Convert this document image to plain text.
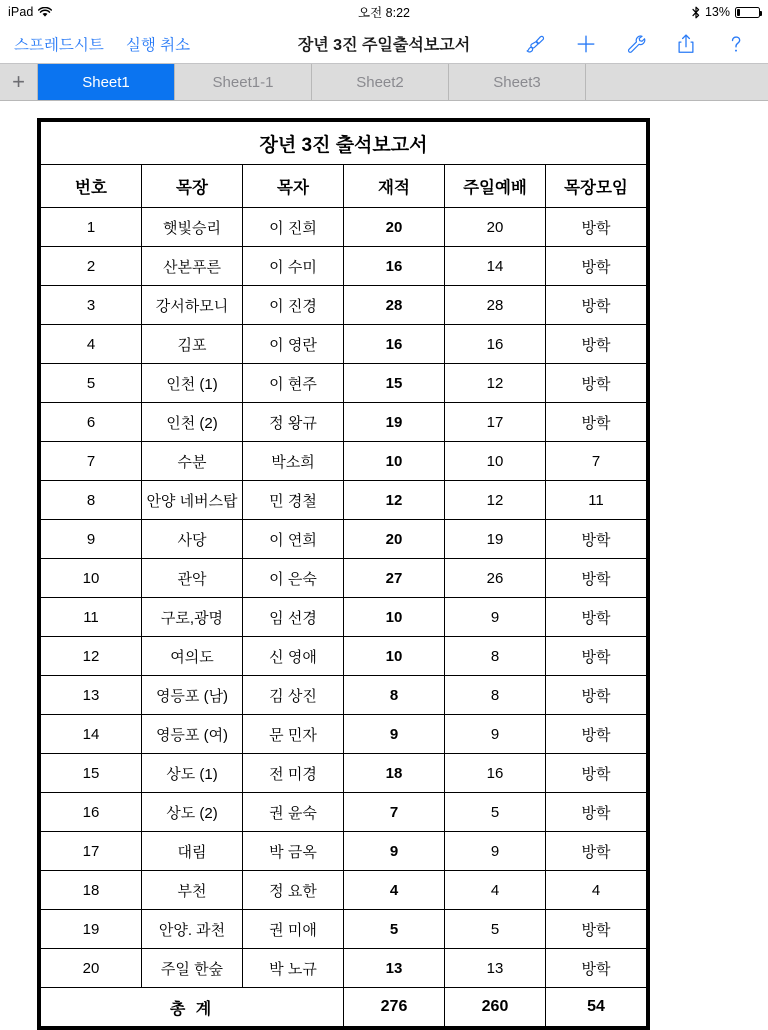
iPad	오전 8:22	13%
스프레드시트 실행 취소	장년 3진 주일출석보고서
+	Sheet1	Sheet1-1	Sheet2	Sheet3
장년 3진 출석보고서					
번호	목장	목자	재적	주일예배	목장모임
1	햇빛승리	이 진희	20	20	방학
2	산본푸른	이 수미	16	14	방학
3	강서하모니	이 진경	28	28	방학
4	김포	이 영란	16	16	방학
5	인천 (1)	이 현주	15	12	방학
6	인천 (2)	정 왕규	19	17	방학
7	수분	박소희	10	10	7
8	안양 네버스탑	민 경철	12	12	11
9	사당	이 연희	20	19	방학
10	관악	이 은숙	27	26	방학
11	구로,광명	임 선경	10	9	방학
12	여의도	신 영애	10	8	방학
13	영등포 (남)	김 상진	8	8	방학
14	영등포 (여)	문 민자	9	9	방학
15	상도 (1)	전 미경	18	16	방학
16	상도 (2)	권 윤숙	7	5	방학
17	대림	박 금옥	9	9	방학
18	부천	정 요한	4	4	4
19	안양. 과천	권 미애	5	5	방학
20	주일 한숲	박 노규	13	13	방학
총 계			276	260	54
